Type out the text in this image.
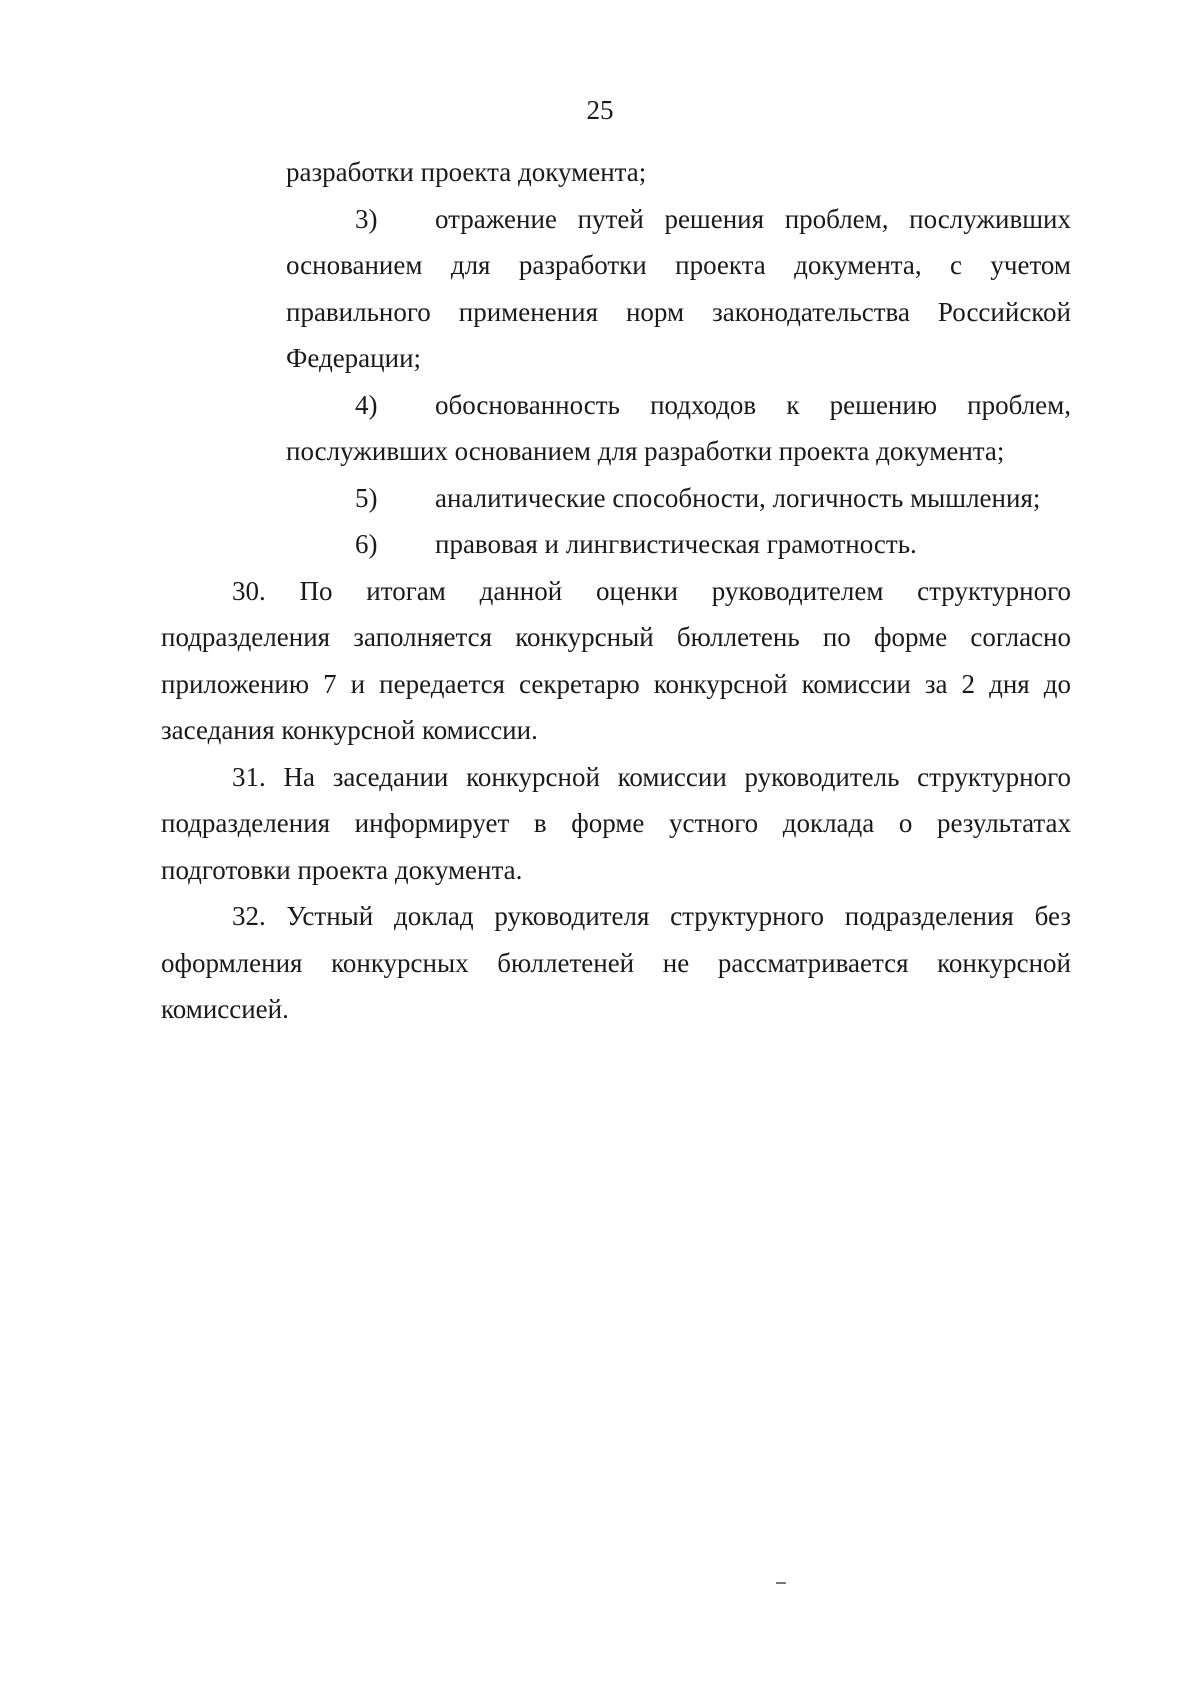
25
разработки проекта документа;
3)	отражение путей решения проблем, послуживших
основанием для разработки проекта документа, с учетом
правильного применения норм законодательства Российской
Федерации;
4)	обоснованность подходов к решению проблем,
послуживших основанием для разработки проекта документа;
5)	аналитические способности, логичность мышления;
6)	правовая и лингвистическая грамотность.
30. По итогам данной оценки руководителем структурного
подразделения заполняется конкурсный бюллетень по форме согласно
приложению 7 и передается секретарю конкурсной комиссии за 2 дня до
заседания конкурсной комиссии.
31. На заседании конкурсной комиссии руководитель структурного
подразделения информирует в форме устного доклада о результатах
подготовки проекта документа.
32. Устный доклад руководителя структурного подразделения без
оформления конкурсных бюллетеней не рассматривается конкурсной
комиссией.
